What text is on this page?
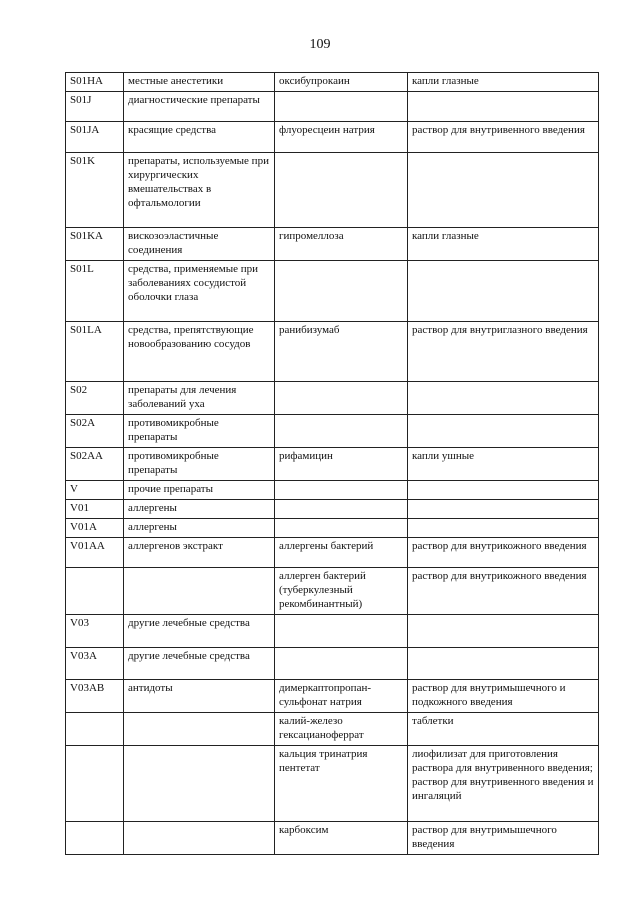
109
S01HA	местные анестетики	оксибупрокаин	капли глазные
S01J	диагностические препараты		
S01JA	красящие средства	флуоресцеин натрия	раствор для внутривенного введения
S01K	препараты, используемые при хирургических вмешательствах в офтальмологии		
S01KA	вискозоэластичные соединения	гипромеллоза	капли глазные
S01L	средства, применяемые при заболеваниях сосудистой оболочки глаза		
S01LA	средства, препятствующие новообразованию сосудов	ранибизумаб	раствор для внутриглазного введения
S02	препараты для лечения заболеваний уха		
S02A	противомикробные препараты		
S02AA	противомикробные препараты	рифамицин	капли ушные
V	прочие препараты		
V01	аллергены		
V01A	аллергены		
V01AA	аллергенов экстракт	аллергены бактерий	раствор для внутрикожного введения
		аллерген бактерий (туберкулезный рекомбинантный)	раствор для внутрикожного введения
V03	другие лечебные средства		
V03A	другие лечебные средства		
V03AB	антидоты	димеркаптопропан-сульфонат натрия	раствор для внутримышечного и подкожного введения
		калий-железо гексацианоферрат	таблетки
		кальция тринатрия пентетат	лиофилизат для приготовления раствора для внутривенного введения; раствор для внутривенного введения и ингаляций
		карбоксим	раствор для внутримышечного введения
